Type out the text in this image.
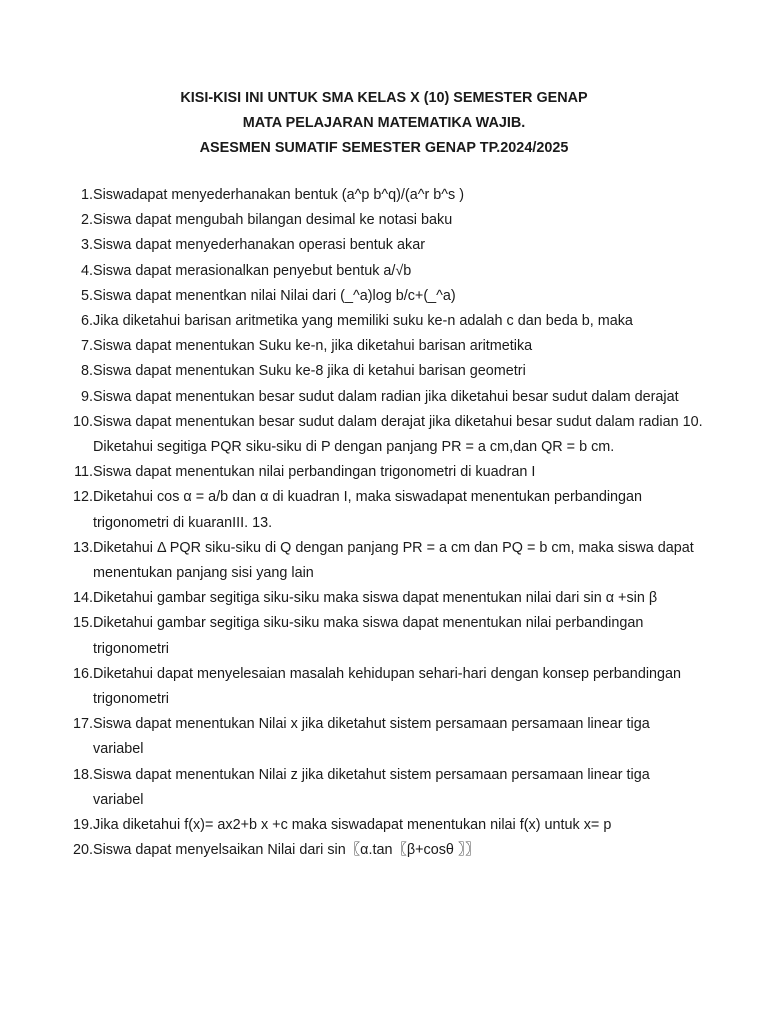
KISI-KISI INI UNTUK SMA KELAS X (10) SEMESTER GENAP
MATA PELAJARAN MATEMATIKA WAJIB.
ASESMEN SUMATIF SEMESTER GENAP TP.2024/2025
1. Siswadapat menyederhanakan bentuk (a^p b^q)/(a^r b^s )
2. Siswa dapat mengubah bilangan desimal ke notasi baku
3. Siswa dapat menyederhanakan operasi bentuk akar
4. Siswa dapat merasionalkan penyebut bentuk a/√b
5. Siswa dapat menentkan nilai Nilai dari (_^a)log b/c+(_^a)
6. Jika diketahui barisan aritmetika yang memiliki suku ke-n adalah c dan beda b, maka
7. Siswa dapat menentukan Suku ke-n, jika diketahui barisan aritmetika
8. Siswa dapat menentukan Suku ke-8 jika di ketahui barisan geometri
9. Siswa dapat menentukan besar sudut dalam radian jika diketahui besar sudut dalam derajat
10. Siswa dapat menentukan besar sudut dalam derajat jika diketahui besar sudut dalam radian 10. Diketahui segitiga PQR siku-siku di P dengan panjang PR = a cm,dan QR = b cm.
11. Siswa dapat menentukan nilai perbandingan trigonometri di kuadran I
12. Diketahui cos α = a/b dan α di kuadran I, maka siswadapat menentukan perbandingan trigonometri di kuaranIII. 13.
13. Diketahui Δ PQR siku-siku di Q dengan panjang PR = a cm dan PQ = b cm, maka siswa dapat menentukan panjang sisi yang lain
14. Diketahui gambar segitiga siku-siku maka siswa dapat menentukan nilai dari sin α +sin β
15. Diketahui gambar segitiga siku-siku maka siswa dapat menentukan nilai perbandingan trigonometri
16. Diketahui dapat menyelesaian masalah kehidupan sehari-hari dengan konsep perbandingan trigonometri
17. Siswa dapat menentukan Nilai x jika diketahut sistem persamaan persamaan linear tiga variabel
18. Siswa dapat menentukan Nilai z jika diketahut sistem persamaan persamaan linear tiga variabel
19. Jika diketahui f(x)= ax2+b x +c maka siswadapat menentukan nilai f(x) untuk x= p
20. Siswa dapat menyelsaikan Nilai dari sin〖α.tan〖β+cosθ 〗〗
